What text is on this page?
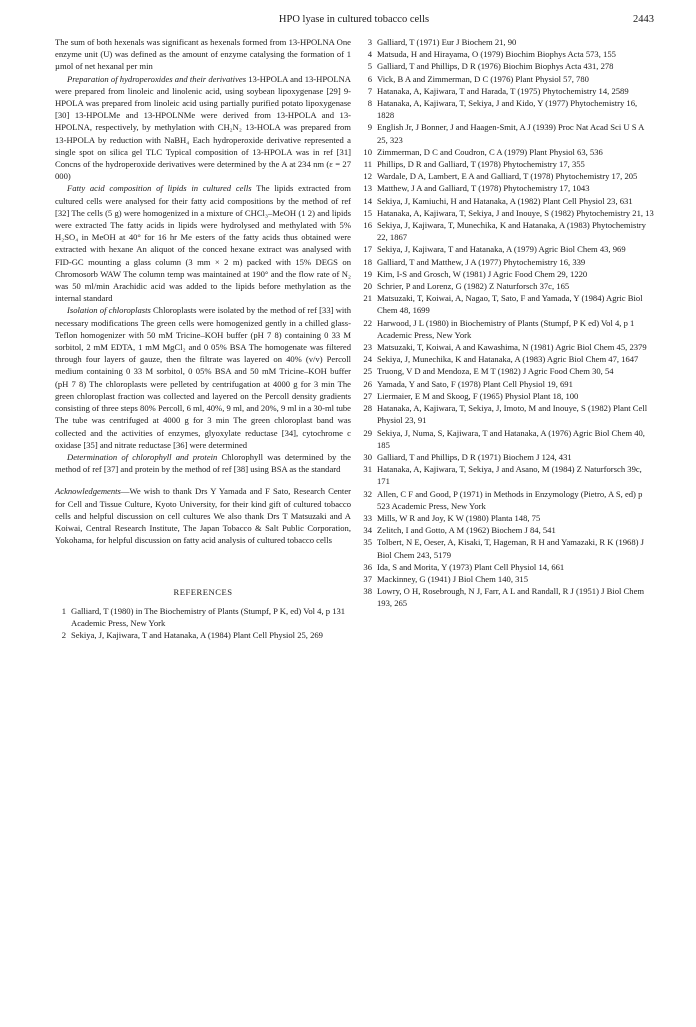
HPO lyase in cultured tobacco cells	2443

The sum of both hexenals was significant as hexenals formed from 13-HPOLNA One enzyme unit (U) was defined as the amount of enzyme catalysing the formation of 1 µmol of net hexanal per min

Preparation of hydroperoxides and their derivatives 13-HPOLA and 13-HPOLNA were prepared from linoleic and linolenic acid, using soybean lipoxygenase [29] 9-HPOLA was prepared from linoleic acid using partially purified potato lipoxygenase [30] 13-HPOLMe and 13-HPOLNMe were derived from 13-HPOLA and 13-HPOLNA, respectively, by methylation with CH₂N₂ 13-HOLA was prepared from 13-HPOLA by reduction with NaBH₄ Each hydroperoxide derivative represented a single spot on silica gel TLC Typical composition of 13-HPOLA was in ref [31] Concns of the hydroperoxide derivatives were determined by the A at 234 nm (ε = 27 000)

Fatty acid composition of lipids in cultured cells The lipids extracted from cultured cells were analysed for their fatty acid compositions by the method of ref [32] The cells (5 g) were homogenized in a mixture of CHCl₃–MeOH (1 2) and lipids were extracted The fatty acids in lipids were hydrolysed and methylated with 5% H₂SO₄ in MeOH at 40° for 16 hr Me esters of the fatty acids thus obtained were extracted with hexane An aliquot of the conced hexane extract was analysed with FID-GC mounting a glass column (3 mm × 2 m) packed with 15% DEGS on Chromosorb WAW The column temp was maintained at 190° and the flow rate of N₂ was 50 ml/min Arachidic acid was added to the lipids before methylation as the internal standard

Isolation of chloroplasts Chloroplasts were isolated by the method of ref [33] with necessary modifications The green cells were homogenized gently in a chilled glass-Teflon homogenizer with 50 mM Tricine–KOH buffer (pH 7 8) containing 0 33 M sorbitol, 2 mM EDTA, 1 mM MgCl₂ and 0 05% BSA The homogenate was filtered through four layers of gauze, then the filtrate was layered on 40% (v/v) Percoll medium containing 0 33 M sorbitol, 0 05% BSA and 50 mM Tricine–KOH buffer (pH 7 8) The chloroplasts were pelleted by centrifugation at 4000 g for 3 min The green chloroplast fraction was collected and layered on the Percoll density gradients consisting of three steps 80% Percoll, 6 ml, 40%, 9 ml, and 20%, 9 ml in a 30-ml tube The tube was centrifuged at 4000 g for 3 min The green chloroplast band was collected and the activities of enzymes, glyoxylate reductase [34], cytochrome c oxidase [35] and nitrate reductase [36] were determined

Determination of chlorophyll and protein Chlorophyll was determined by the method of ref [37] and protein by the method of ref [38] using BSA as the standard

Acknowledgements—We wish to thank Drs Y Yamada and F Sato, Research Center for Cell and Tissue Culture, Kyoto University, for their kind gift of cultured tobacco cells and helpful discussion on cell cultures We also thank Drs T Matsuzaki and A Koiwai, Central Research Institute, The Japan Tobacco & Salt Public Corporation, Yokohama, for helpful discussion on fatty acid analysis of cultured tobacco cells

REFERENCES
1 Galliard, T (1980) in The Biochemistry of Plants (Stumpf, P K, ed) Vol 4, p 131 Academic Press, New York
2 Sekiya, J, Kajiwara, T and Hatanaka, A (1984) Plant Cell Physiol 25, 269
3 Galliard, T (1971) Eur J Biochem 21, 90
4 Matsuda, H and Hirayama, O (1979) Biochim Biophys Acta 573, 155
5 Galliard, T and Phillips, D R (1976) Biochim Biophys Acta 431, 278
6 Vick, B A and Zimmerman, D C (1976) Plant Physiol 57, 780
7 Hatanaka, A, Kajiwara, T and Harada, T (1975) Phytochemistry 14, 2589
8 Hatanaka, A, Kajiwara, T, Sekiya, J and Kido, Y (1977) Phytochemistry 16, 1828
9 English Jr, J Bonner, J and Haagen-Smit, A J (1939) Proc Nat Acad Sci U S A 25, 323
10 Zimmerman, D C and Coudron, C A (1979) Plant Physiol 63, 536
11 Phillips, D R and Galliard, T (1978) Phytochemistry 17, 355
12 Wardale, D A, Lambert, E A and Galliard, T (1978) Phytochemistry 17, 205
13 Matthew, J A and Galliard, T (1978) Phytochemistry 17, 1043
14 Sekiya, J, Kamiuchi, H and Hatanaka, A (1982) Plant Cell Physiol 23, 631
15 Hatanaka, A, Kajiwara, T, Sekiya, J and Inouye, S (1982) Phytochemistry 21, 13
16 Sekiya, J, Kajiwara, T, Munechika, K and Hatanaka, A (1983) Phytochemistry 22, 1867
17 Sekiya, J, Kajiwara, T and Hatanaka, A (1979) Agric Biol Chem 43, 969
18 Galliard, T and Matthew, J A (1977) Phytochemistry 16, 339
19 Kim, I-S and Grosch, W (1981) J Agric Food Chem 29, 1220
20 Schrier, P and Lorenz, G (1982) Z Naturforsch 37c, 165
21 Matsuzaki, T, Koiwai, A, Nagao, T, Sato, F and Yamada, Y (1984) Agric Biol Chem 48, 1699
22 Harwood, J L (1980) in Biochemistry of Plants (Stumpf, P K ed) Vol 4, p 1 Academic Press, New York
23 Matsuzaki, T, Koiwai, A and Kawashima, N (1981) Agric Biol Chem 45, 2379
24 Sekiya, J, Munechika, K and Hatanaka, A (1983) Agric Biol Chem 47, 1647
25 Truong, V D and Mendoza, E M T (1982) J Agric Food Chem 30, 54
26 Yamada, Y and Sato, F (1978) Plant Cell Physiol 19, 691
27 Liermaier, E M and Skoog, F (1965) Physiol Plant 18, 100
28 Hatanaka, A, Kajiwara, T, Sekiya, J, Imoto, M and Inouye, S (1982) Plant Cell Physiol 23, 91
29 Sekiya, J, Numa, S, Kajiwara, T and Hatanaka, A (1976) Agric Biol Chem 40, 185
30 Galliard, T and Phillips, D R (1971) Biochem J 124, 431
31 Hatanaka, A, Kajiwara, T, Sekiya, J and Asano, M (1984) Z Naturforsch 39c, 171
32 Allen, C F and Good, P (1971) in Methods in Enzymology (Pietro, A S, ed) p 523 Academic Press, New York
33 Mills, W R and Joy, K W (1980) Planta 148, 75
34 Zelitch, I and Gotto, A M (1962) Biochem J 84, 541
35 Tolbert, N E, Oeser, A, Kisaki, T, Hageman, R H and Yamazaki, R K (1968) J Biol Chem 243, 5179
36 Ida, S and Morita, Y (1973) Plant Cell Physiol 14, 661
37 Mackinney, G (1941) J Biol Chem 140, 315
38 Lowry, O H, Rosebrough, N J, Farr, A L and Randall, R J (1951) J Biol Chem 193, 265
